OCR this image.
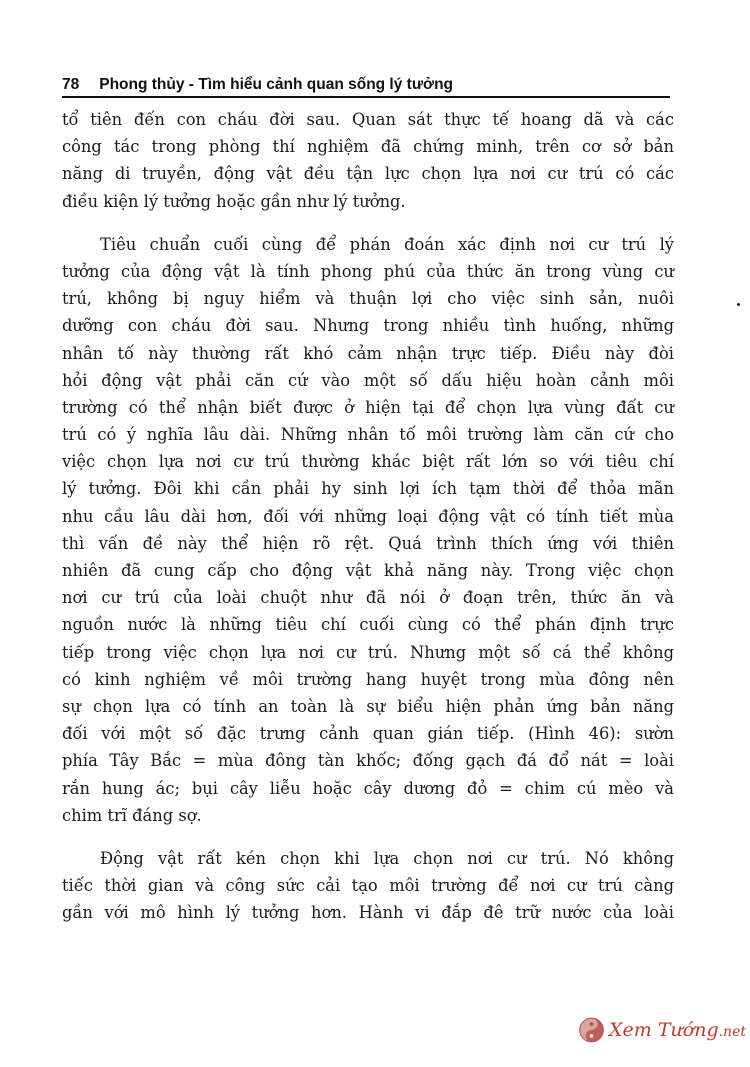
78 Phong thủy - Tìm hiểu cảnh quan sống lý tưởng
tổ tiên đến con cháu đời sau. Quan sát thực tế hoang dã và các
công tác trong phòng thí nghiệm đã chứng minh, trên cơ sở bản
năng di truyền, động vật đều tận lực chọn lựa nơi cư trú có các
điều kiện lý tưởng hoặc gần như lý tưởng.
Tiêu chuẩn cuối cùng để phán đoán xác định nơi cư trú lý
tưởng của động vật là tính phong phú của thức ăn trong vùng cư
trú, không bị nguy hiểm và thuận lợi cho việc sinh sản, nuôi
dưỡng con cháu đời sau. Nhưng trong nhiều tình huống, những
nhân tố này thường rất khó cảm nhận trực tiếp. Điều này đòi
hỏi động vật phải căn cứ vào một số dấu hiệu hoàn cảnh môi
trường có thể nhận biết được ở hiện tại để chọn lựa vùng đất cư
trú có ý nghĩa lâu dài. Những nhân tố môi trường làm căn cứ cho
việc chọn lựa nơi cư trú thường khác biệt rất lớn so với tiêu chí
lý tưởng. Đôi khi cần phải hy sinh lợi ích tạm thời để thỏa mãn
nhu cầu lâu dài hơn, đối với những loại động vật có tính tiết mùa
thì vấn đề này thể hiện rõ rệt. Quá trình thích ứng với thiên
nhiên đã cung cấp cho động vật khả năng này. Trong việc chọn
nơi cư trú của loài chuột như đã nói ở đoạn trên, thức ăn và
nguồn nước là những tiêu chí cuối cùng có thể phán định trực
tiếp trong việc chọn lựa nơi cư trú. Nhưng một số cá thể không
có kinh nghiệm về môi trường hang huyệt trong mùa đông nên
sự chọn lựa có tính an toàn là sự biểu hiện phản ứng bản năng
đối với một số đặc trưng cảnh quan gián tiếp. (Hình 46): sườn
phía Tây Bắc = mùa đông tàn khốc; đống gạch đá đổ nát = loài
rắn hung ác; bụi cây liễu hoặc cây dương đỏ = chim cú mèo và
chim trĩ đáng sợ.
Động vật rất kén chọn khi lựa chọn nơi cư trú. Nó không
tiếc thời gian và công sức cải tạo môi trường để nơi cư trú càng
gần với mô hình lý tưởng hơn. Hành vi đắp đê trữ nước của loài
Xem Tướng.net
